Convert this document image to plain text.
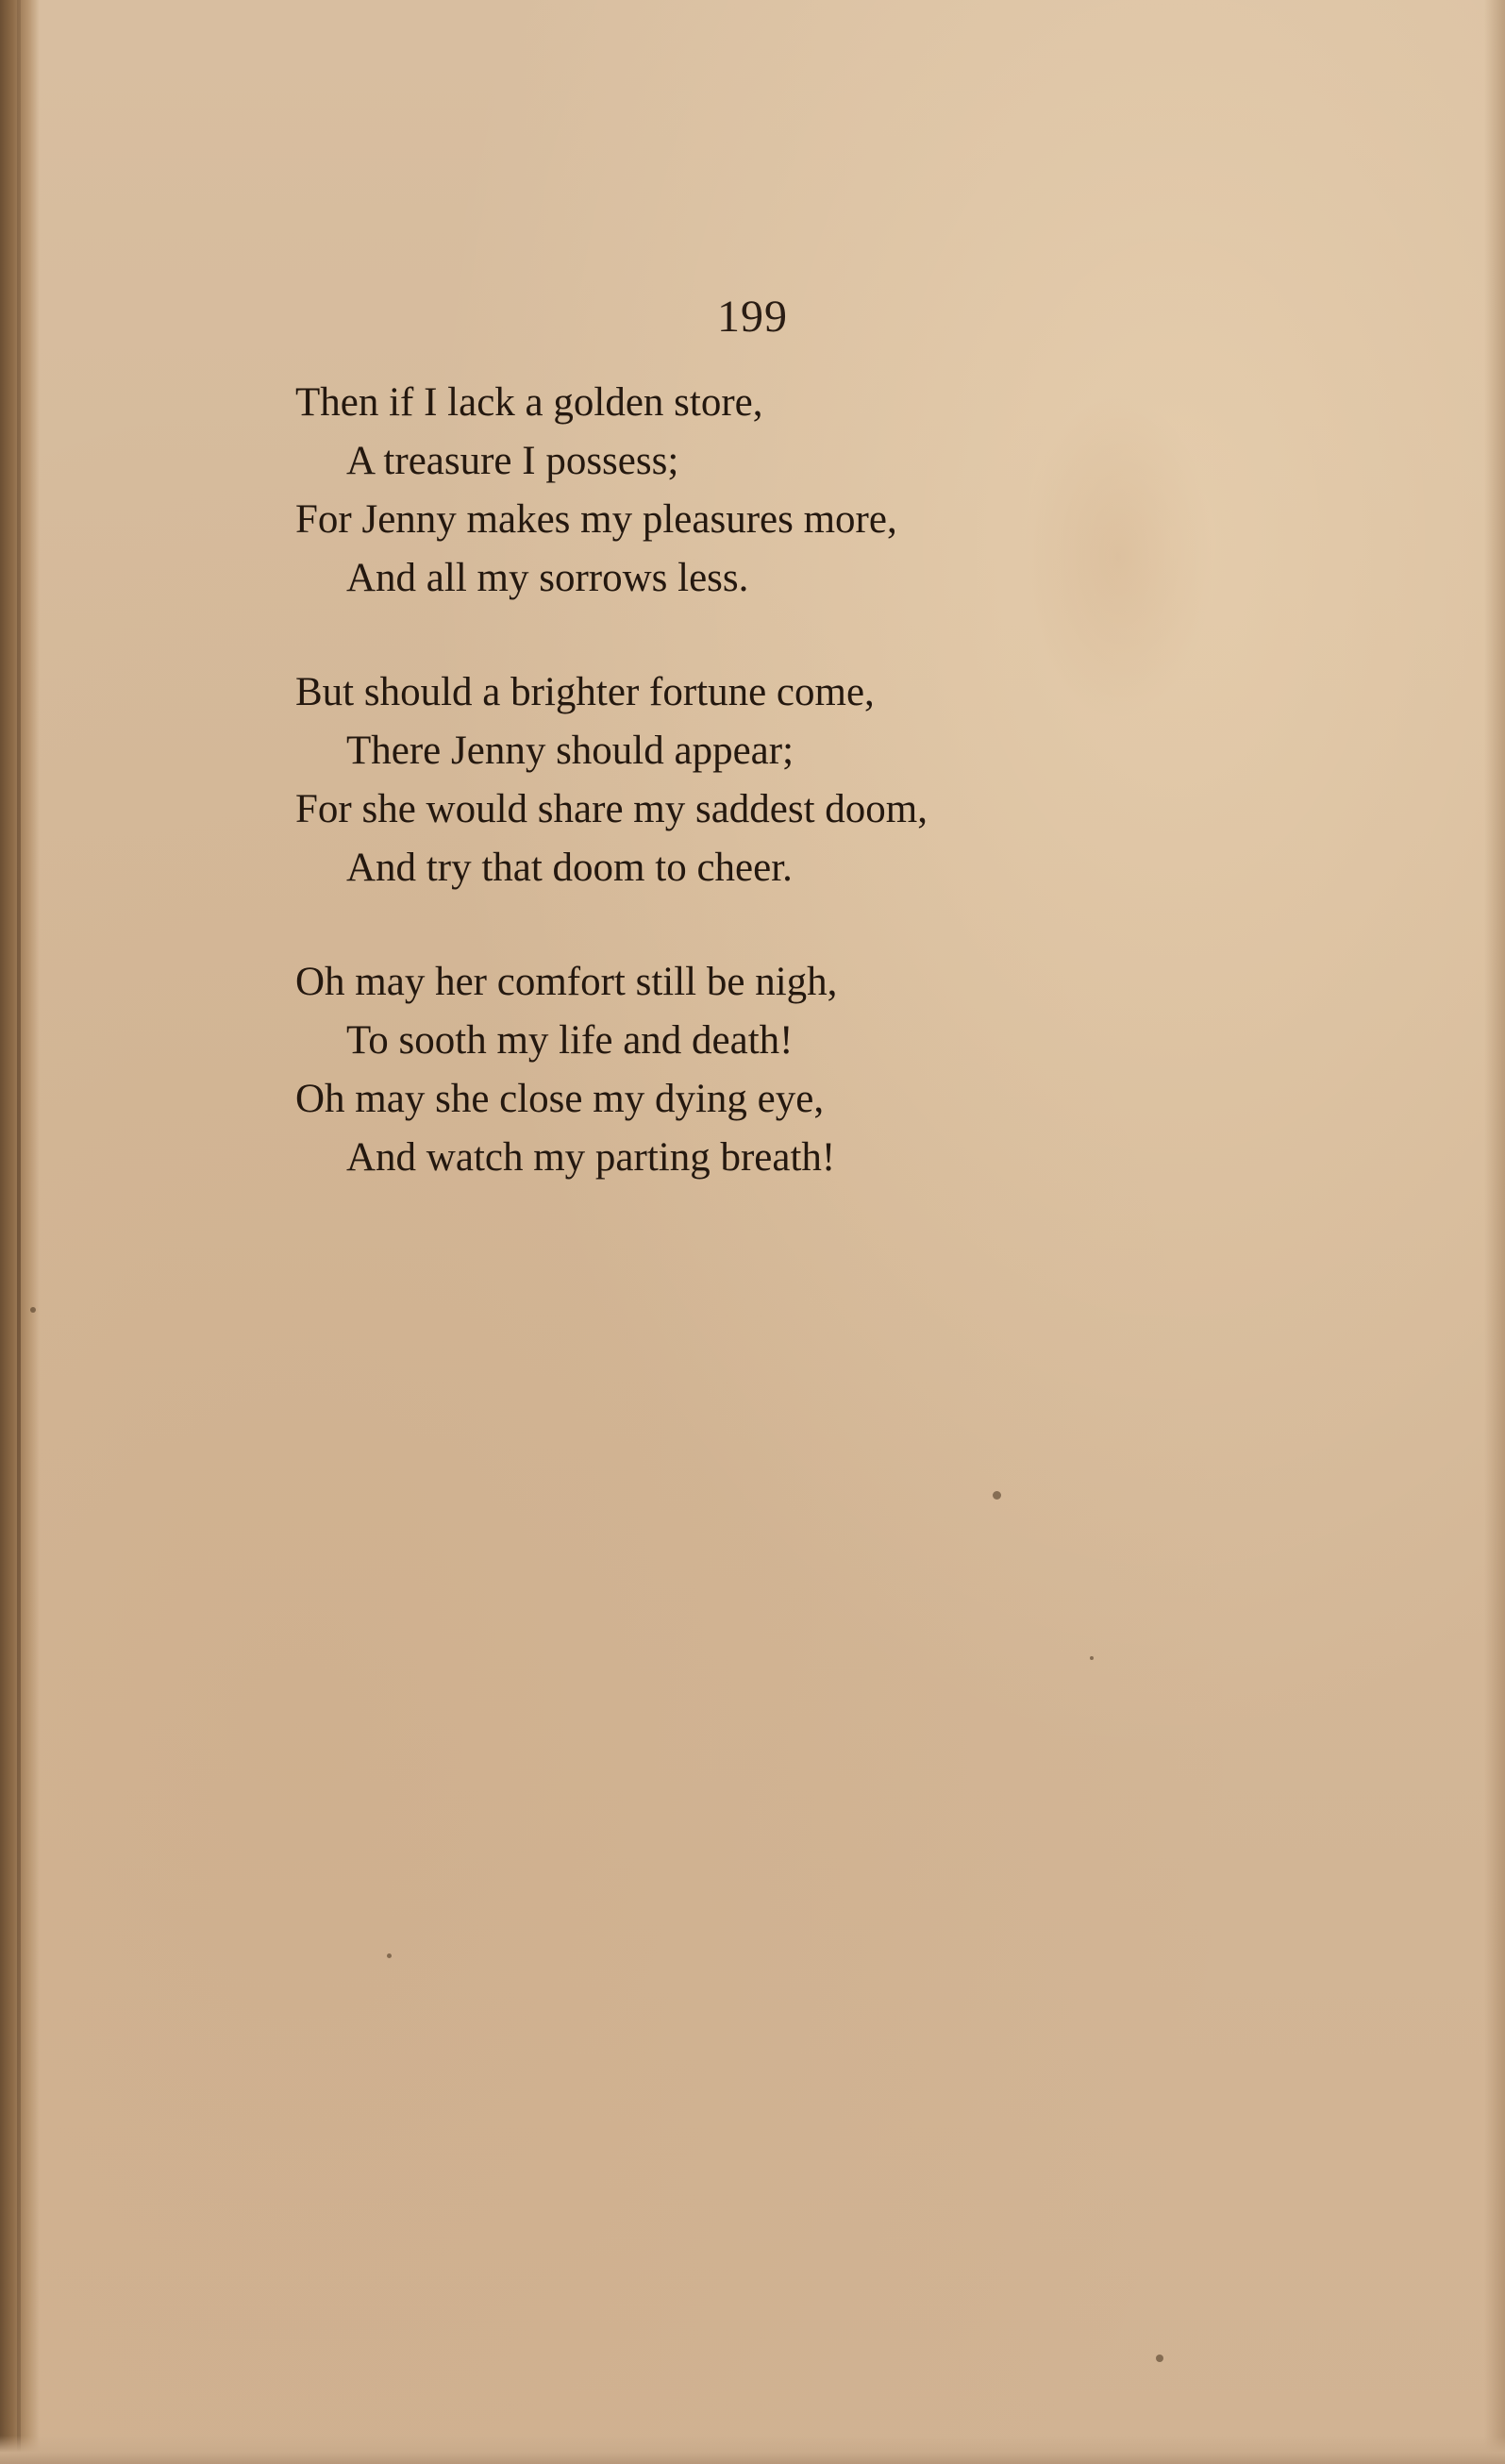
199
Then if I lack a golden store,
A treasure I possess;
For Jenny makes my pleasures more,
And all my sorrows less.
But should a brighter fortune come,
There Jenny should appear;
For she would share my saddest doom,
And try that doom to cheer.
Oh may her comfort still be nigh,
To sooth my life and death!
Oh may she close my dying eye,
And watch my parting breath!
